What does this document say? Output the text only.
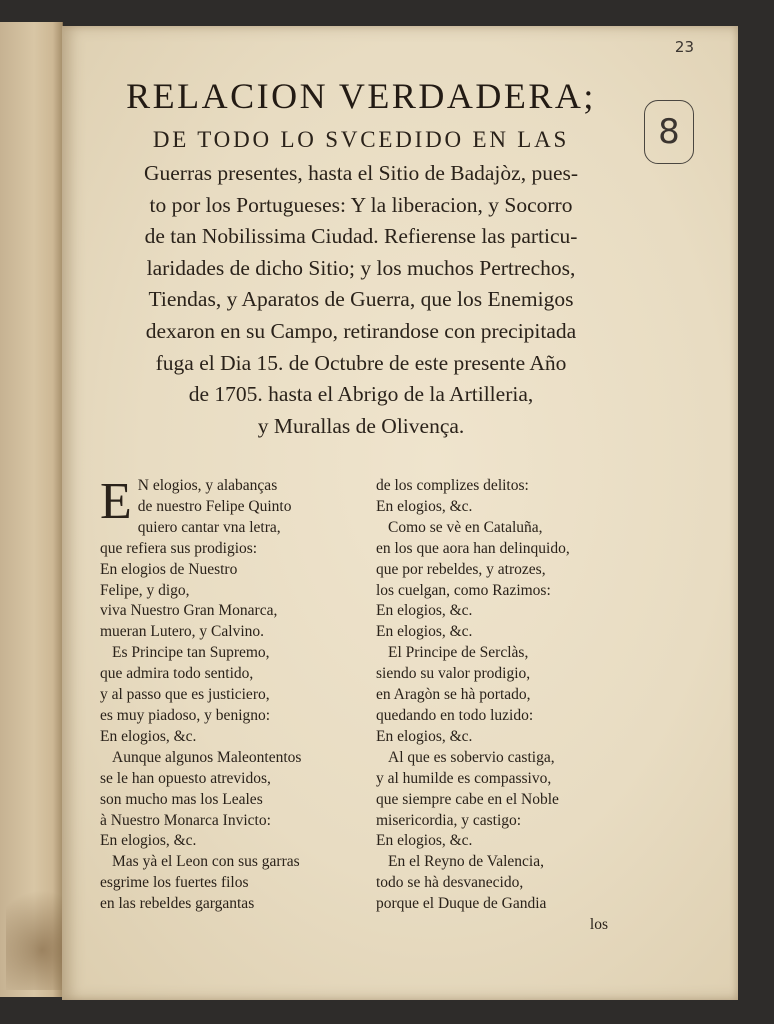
23
8
RELACION VERDADERA;
DE TODO LO SVCEDIDO EN LAS
Guerras presentes, hasta el Sitio de Badajòz, pues-
to por los Portugueses: Y la liberacion, y Socorro
de tan Nobilissima Ciudad. Refierense las particu-
laridades de dicho Sitio; y los muchos Pertrechos,
Tiendas, y Aparatos de Guerra, que los Enemigos
dexaron en su Campo, retirandose con precipitada
fuga el Dia 15. de Octubre de este presente Año
de 1705. hasta el Abrigo de la Artilleria,
y Murallas de Olivença.
E N elogios, y alabanças
de nuestro Felipe Quinto
quiero cantar vna letra,
que refiera sus prodigios:
En elogios de Nuestro
Felipe, y digo,
viva Nuestro Gran Monarca,
mueran Lutero, y Calvino.
Es Principe tan Supremo,
que admira todo sentido,
y al passo que es justiciero,
es muy piadoso, y benigno:
En elogios, &c.
Aunque algunos Maleontentos
se le han opuesto atrevidos,
son mucho mas los Leales
à Nuestro Monarca Invicto:
En elogios, &c.
Mas yà el Leon con sus garras
esgrime los fuertes filos
en las rebeldes gargantas
de los complizes delitos:
En elogios, &c.
Como se vè en Cataluña,
en los que aora han delinquido,
que por rebeldes, y atrozes,
los cuelgan, como Razimos:
En elogios, &c.
En elogios, &c.
El Principe de Serclàs,
siendo su valor prodigio,
en Aragòn se hà portado,
quedando en todo luzido:
En elogios, &c.
Al que es sobervio castiga,
y al humilde es compassivo,
que siempre cabe en el Noble
misericordia, y castigo:
En elogios, &c.
En el Reyno de Valencia,
todo se hà desvanecido,
porque el Duque de Gandia
los
